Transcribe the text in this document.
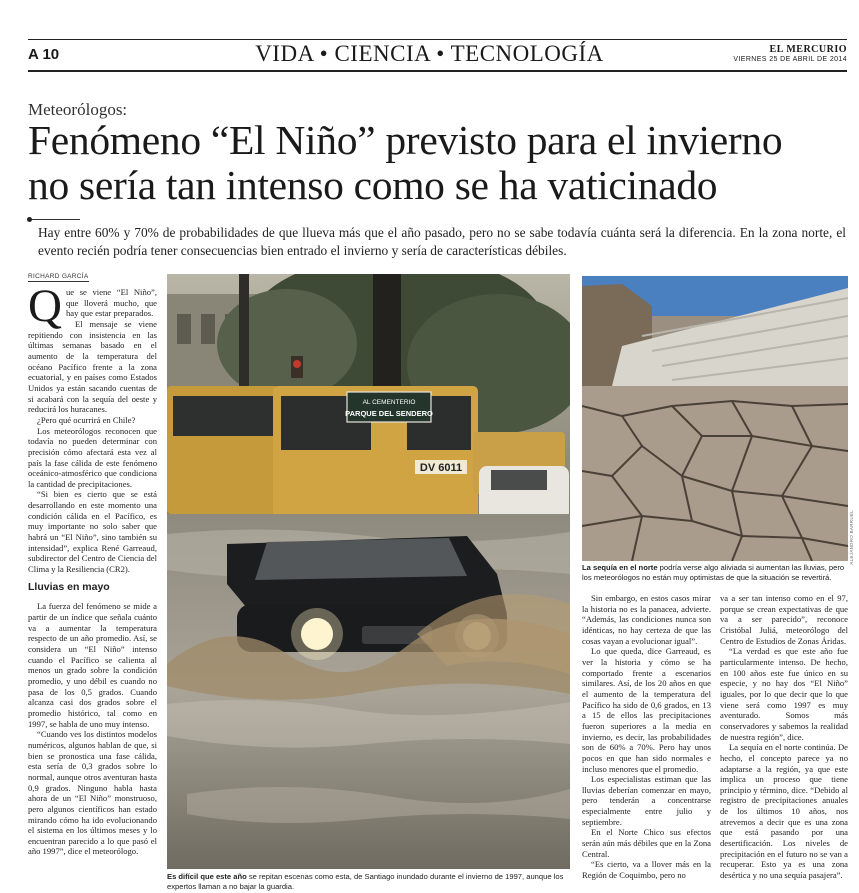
A 10	VIDA • CIENCIA • TECNOLOGÍA	EL MERCURIO
VIERNES 25 DE ABRIL DE 2014
Meteorólogos:
Fenómeno “El Niño” previsto para el invierno
no sería tan intenso como se ha vaticinado
Hay entre 60% y 70% de probabilidades de que llueva más que el año pasado, pero no se sabe todavía cuánta será la diferencia. En la zona norte, el evento recién podría tener consecuencias bien entrado el invierno y sería de características débiles.
RICHARD GARCÍA
Q ue se viene “El Niño”, que lloverá mucho, que hay que estar preparados.

El mensaje se viene repitiendo con insistencia en las últimas semanas basado en el aumento de la temperatura del océano Pacífico frente a la zona ecuatorial, y en países como Estados Unidos ya están sacando cuentas de si acabará con la sequía del oeste y reducirá los huracanes.

¿Pero qué ocurrirá en Chile?

Los meteorólogos reconocen que todavía no pueden determinar con precisión cómo afectará esta vez al país la fase cálida de este fenómeno oceánico-atmosférico que condiciona la cantidad de precipitaciones.

“Si bien es cierto que se está desarrollando en este momento una condición cálida en el Pacífico, es muy importante no solo saber que habrá un “El Niño”, sino también su intensidad”, explica René Garreaud, subdirector del Centro de Ciencia del Clima y la Resiliencia (CR2).

Lluvias en mayo

La fuerza del fenómeno se mide a partir de un índice que señala cuánto va a aumentar la temperatura respecto de un año promedio. Así, se considera un “El Niño” intenso cuando el Pacífico se calienta al menos un grado sobre la condición promedio, y uno débil es cuando no pasa de los 0,5 grados. Cuando alcanza casi dos grados sobre el promedio histórico, tal como en 1997, se habla de uno muy intenso.

“Cuando ves los distintos modelos numéricos, algunos hablan de que, si bien se pronostica una fase cálida, esta sería de 0,3 grados sobre lo normal, aunque otros aventuran hasta 0,9 grados. Ninguno habla hasta ahora de un “El Niño” monstruoso, pero algunos científicos han estado mirando cómo ha ido evolucionando el sistema en los últimos meses y lo encuentran parecido a lo que pasó el año 1997”, dice el meteorólogo.

DV 6011
AL CEMENTERIO
PARQUE DEL SENDERO
Es difícil que este año se repitan escenas como esta, de Santiago inundado durante el invierno de 1997, aunque los expertos llaman a no bajar la guardia.
ALEJANDRO BARRUEL
La sequía en el norte podría verse algo aliviada si aumentan las lluvias, pero los meteorólogos no están muy optimistas de que la situación se revertirá.

Sin embargo, en estos casos mirar la historia no es la panacea, advierte. “Además, las condiciones nunca son idénticas, no hay certeza de que las cosas vayan a evolucionar igual”.

Lo que queda, dice Garreaud, es ver la historia y cómo se ha comportado frente a escenarios similares. Así, de los 20 años en que el aumento de la temperatura del Pacífico ha sido de 0,6 grados, en 13 a 15 de ellos las precipitaciones fueron superiores a la media en invierno, es decir, las probabilidades son de 60% a 70%. Pero hay unos pocos en que han sido normales e incluso menores que el promedio.

Los especialistas estiman que las lluvias deberían comenzar en mayo, pero tenderán a concentrarse especialmente entre julio y septiembre.

En el Norte Chico sus efectos serán aún más débiles que en la Zona Central.

“Es cierto, va a llover más en la Región de Coquimbo, pero no

va a ser tan intenso como en el 97, porque se crean expectativas de que va a ser parecido”, reconoce Cristóbal Juliá, meteorólogo del Centro de Estudios de Zonas Áridas.

“La verdad es que este año fue particularmente intenso. De hecho, en 100 años este fue único en su especie, y no hay dos “El Niño” iguales, por lo que decir que lo que viene será como 1997 es muy aventurado. Somos más conservadores y sabemos la realidad de nuestra región”, dice.

La sequía en el norte continúa. De hecho, el concepto parece ya no adaptarse a la región, ya que este implica un proceso que tiene principio y término, dice. “Debido al registro de precipitaciones anuales de los últimos 10 años, nos atrevemos a decir que es una zona que está pasando por una desertificación. Los niveles de precipitación en el futuro no se van a recuperar. Esto ya es una zona desértica y no una sequía pasajera”.
